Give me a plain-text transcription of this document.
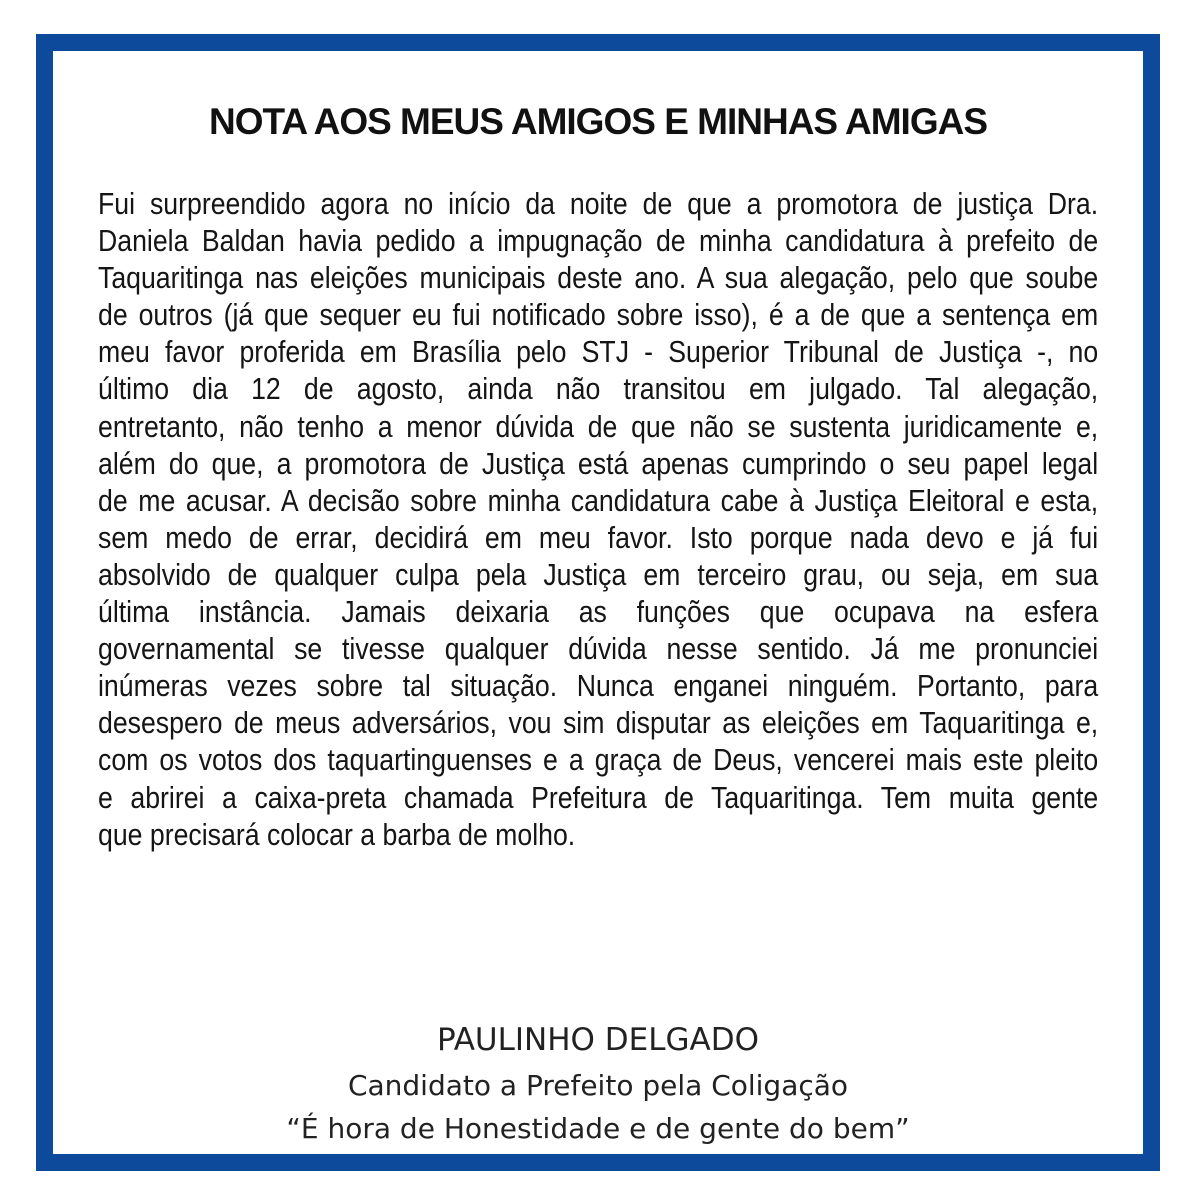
NOTA AOS MEUS AMIGOS E MINHAS AMIGAS
Fui surpreendido agora no início da noite de que a promotora de justiça Dra.
Daniela Baldan havia pedido a impugnação de minha candidatura à prefeito de
Taquaritinga nas eleições municipais deste ano. A sua alegação, pelo que soube
de outros (já que sequer eu fui notificado sobre isso), é a de que a sentença em
meu favor proferida em Brasília pelo STJ - Superior Tribunal de Justiça -, no
último dia 12 de agosto, ainda não transitou em julgado. Tal alegação,
entretanto, não tenho a menor dúvida de que não se sustenta juridicamente e,
além do que, a promotora de Justiça está apenas cumprindo o seu papel legal
de me acusar. A decisão sobre minha candidatura cabe à Justiça Eleitoral e esta,
sem medo de errar, decidirá em meu favor. Isto porque nada devo e já fui
absolvido de qualquer culpa pela Justiça em terceiro grau, ou seja, em sua
última instância. Jamais deixaria as funções que ocupava na esfera
governamental se tivesse qualquer dúvida nesse sentido. Já me pronunciei
inúmeras vezes sobre tal situação. Nunca enganei ninguém. Portanto, para
desespero de meus adversários, vou sim disputar as eleições em Taquaritinga e,
com os votos dos taquartinguenses e a graça de Deus, vencerei mais este pleito
e abrirei a caixa-preta chamada Prefeitura de Taquaritinga. Tem muita gente
que precisará colocar a barba de molho.
PAULINHO DELGADO
Candidato a Prefeito pela Coligação
“É hora de Honestidade e de gente do bem”
